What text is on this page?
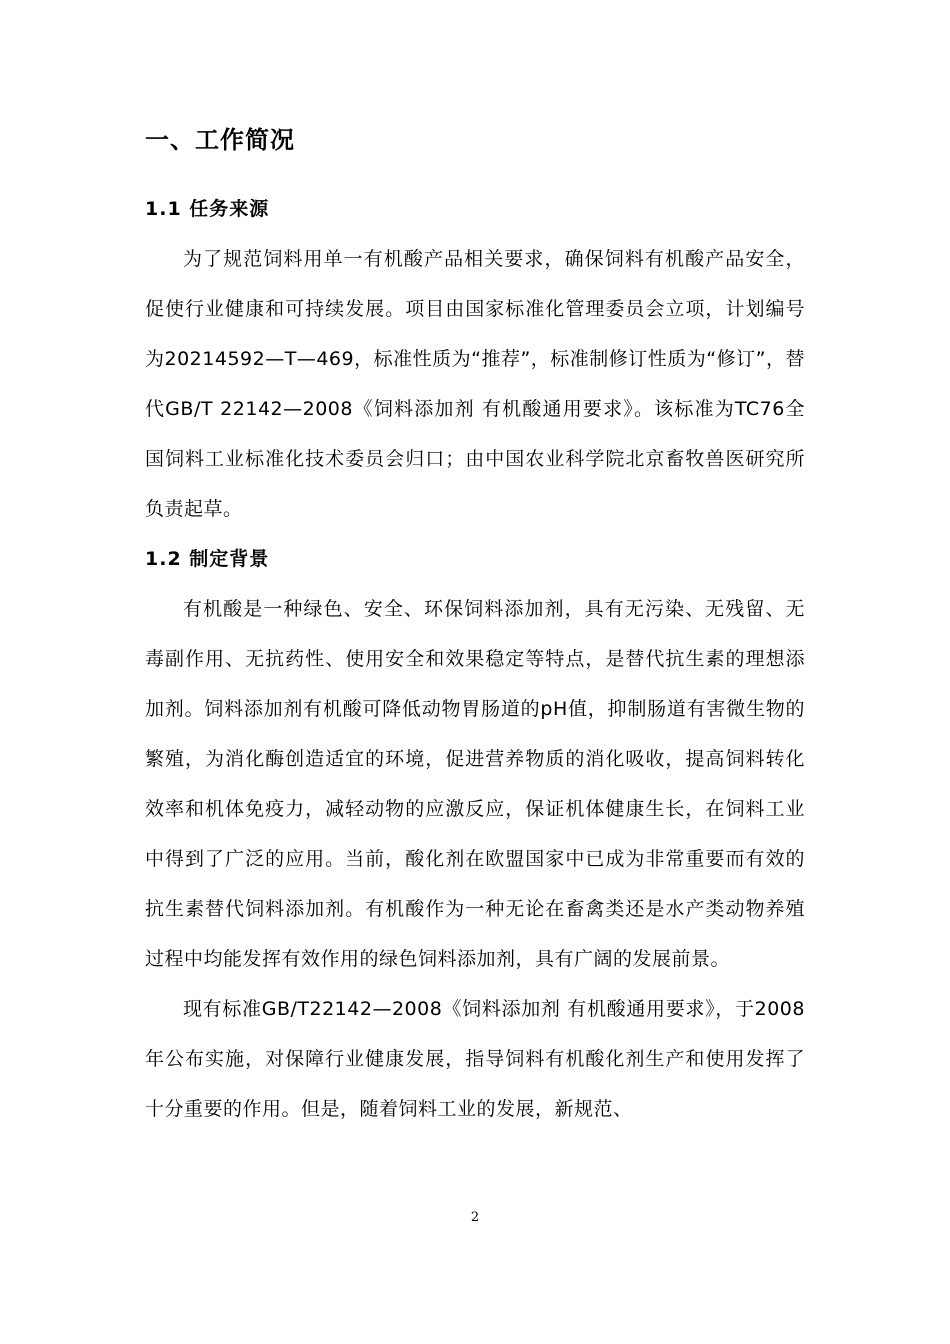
一、工作简况
1.1 任务来源

为了规范饲料用单一有机酸产品相关要求，确保饲料有机酸产品安全，促使行业健康和可持续发展。项目由国家标准化管理委员会立项，计划编号为20214592—T—469，标准性质为“推荐”，标准制修订性质为“修订”，替代GB/T 22142—2008《饲料添加剂 有机酸通用要求》。该标准为TC76全国饲料工业标准化技术委员会归口；由中国农业科学院北京畜牧兽医研究所负责起草。

1.2 制定背景

有机酸是一种绿色、安全、环保饲料添加剂，具有无污染、无残留、无毒副作用、无抗药性、使用安全和效果稳定等特点，是替代抗生素的理想添加剂。饲料添加剂有机酸可降低动物胃肠道的pH值，抑制肠道有害微生物的繁殖，为消化酶创造适宜的环境，促进营养物质的消化吸收，提高饲料转化效率和机体免疫力，减轻动物的应激反应，保证机体健康生长，在饲料工业中得到了广泛的应用。当前，酸化剂在欧盟国家中已成为非常重要而有效的抗生素替代饲料添加剂。有机酸作为一种无论在畜禽类还是水产类动物养殖过程中均能发挥有效作用的绿色饲料添加剂，具有广阔的发展前景。

现有标准GB/T22142—2008《饲料添加剂 有机酸通用要求》，于2008年公布实施，对保障行业健康发展，指导饲料有机酸化剂生产和使用发挥了十分重要的作用。但是，随着饲料工业的发展，新规范、

2
